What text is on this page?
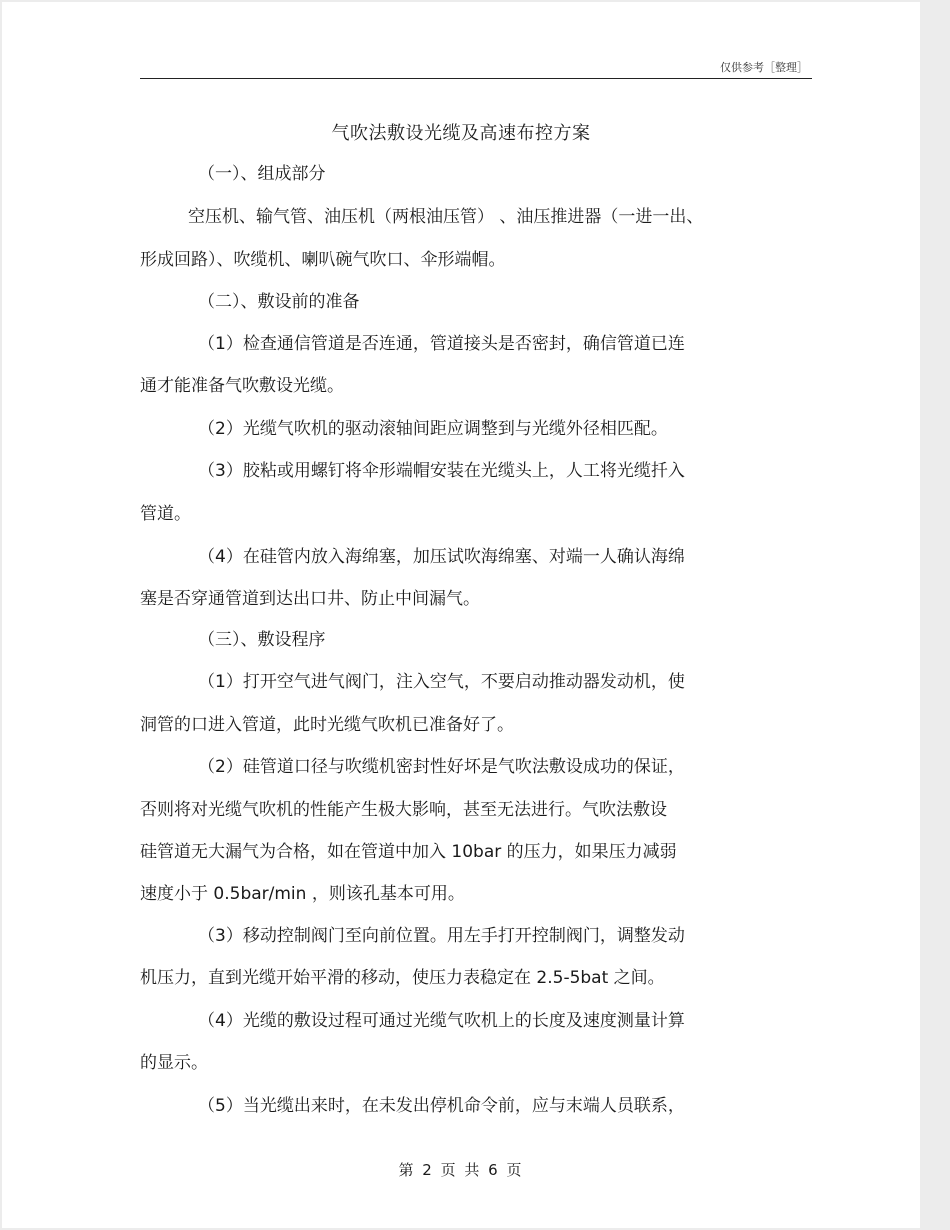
仅供参考［整理］
气吹法敷设光缆及高速布控方案
（一）、组成部分
空压机、输气管、油压机（两根油压管） 、油压推进器（一进一出、
形成回路）、吹缆机、喇叭碗气吹口、伞形端帽。
（二）、敷设前的准备
（1）检查通信管道是否连通，管道接头是否密封，确信管道已连
通才能准备气吹敷设光缆。
（2）光缆气吹机的驱动滚轴间距应调整到与光缆外径相匹配。
（3）胶粘或用螺钉将伞形端帽安装在光缆头上，人工将光缆扦入
管道。
（4）在硅管内放入海绵塞，加压试吹海绵塞、对端一人确认海绵
塞是否穿通管道到达出口井、防止中间漏气。
（三）、敷设程序
（1）打开空气进气阀门，注入空气，不要启动推动器发动机，使
洞管的口进入管道，此时光缆气吹机已准备好了。
（2）硅管道口径与吹缆机密封性好坏是气吹法敷设成功的保证，
否则将对光缆气吹机的性能产生极大影响，甚至无法进行。气吹法敷设
硅管道无大漏气为合格，如在管道中加入 10bar 的压力，如果压力减弱
速度小于 0.5bar/min ，则该孔基本可用。
（3）移动控制阀门至向前位置。用左手打开控制阀门，调整发动
机压力，直到光缆开始平滑的移动，使压力表稳定在 2.5-5bat 之间。
（4）光缆的敷设过程可通过光缆气吹机上的长度及速度测量计算
的显示。
（5）当光缆出来时，在未发出停机命令前，应与末端人员联系，
第 2 页 共 6 页
